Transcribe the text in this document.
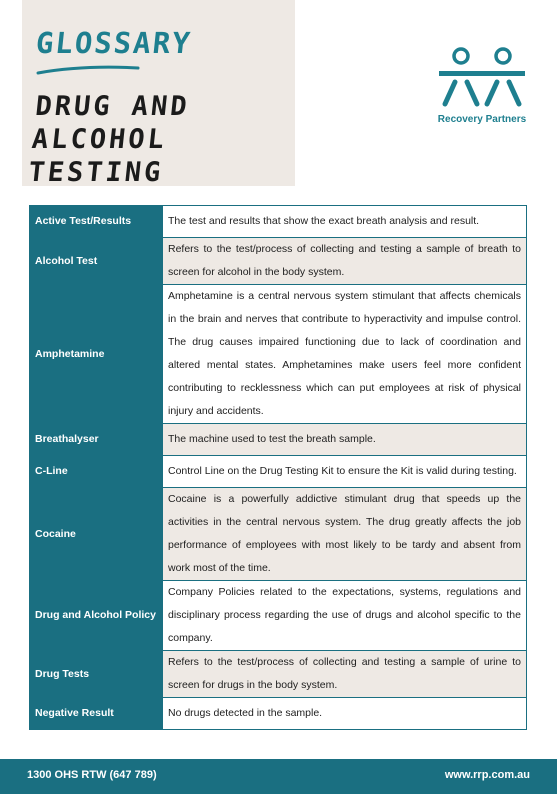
GLOSSARY
DRUG AND ALCOHOL TESTING
Recovery Partners
Active Test/Results	The test and results that show the exact breath analysis and result.
Alcohol Test	Refers to the test/process of collecting and testing a sample of breath to screen for alcohol in the body system.
Amphetamine	Amphetamine is a central nervous system stimulant that affects chemicals in the brain and nerves that contribute to hyperactivity and impulse control. The drug causes impaired functioning due to lack of coordination and altered mental states. Amphetamines make users feel more confident contributing to recklessness which can put employees at risk of physical injury and accidents.
Breathalyser	The machine used to test the breath sample.
C-Line	Control Line on the Drug Testing Kit to ensure the Kit is valid during testing.
Cocaine	Cocaine is a powerfully addictive stimulant drug that speeds up the activities in the central nervous system. The drug greatly affects the job performance of employees with most likely to be tardy and absent from work most of the time.
Drug and Alcohol Policy	Company Policies related to the expectations, systems, regulations and disciplinary process regarding the use of drugs and alcohol specific to the company.
Drug Tests	Refers to the test/process of collecting and testing a sample of urine to screen for drugs in the body system.
Negative Result	No drugs detected in the sample.
1300 OHS RTW (647 789)	www.rrp.com.au
